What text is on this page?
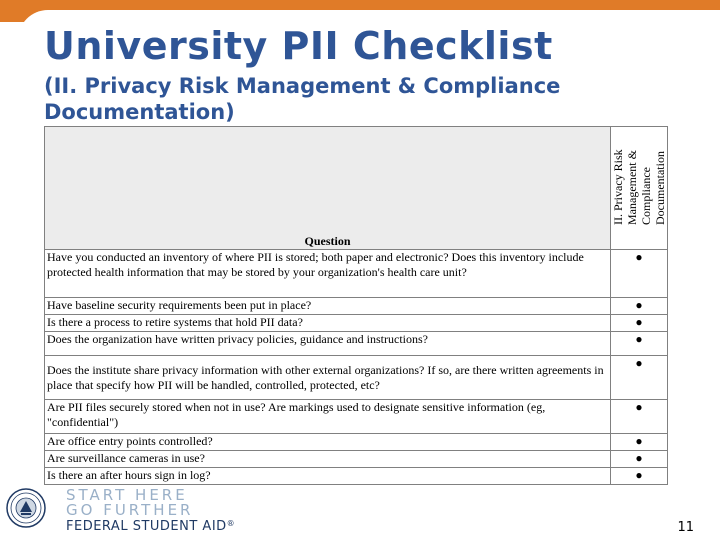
University PII Checklist
(II. Privacy Risk Management & Compliance Documentation)
Question	II. Privacy Risk Management & Compliance Documentation

Have you conducted an inventory of where PII is stored; both paper and electronic? Does this inventory include protected health information that may be stored by your organization's health care unit?	●
Have baseline security requirements been put in place?	●
Is there a process to retire systems that hold PII data?	●
Does the organization have written privacy policies, guidance and instructions?	●
Does the institute share privacy information with other external organizations? If so, are there written agreements in place that specify how PII will be handled, controlled, protected, etc?	●
Are PII files securely stored when not in use? Are markings used to designate sensitive information (eg, "confidential")	●
Are office entry points controlled?	●
Are surveillance cameras in use?	●
Is there an after hours sign in log?	●
START HERE
GO FURTHER
FEDERAL STUDENT AID®	11
